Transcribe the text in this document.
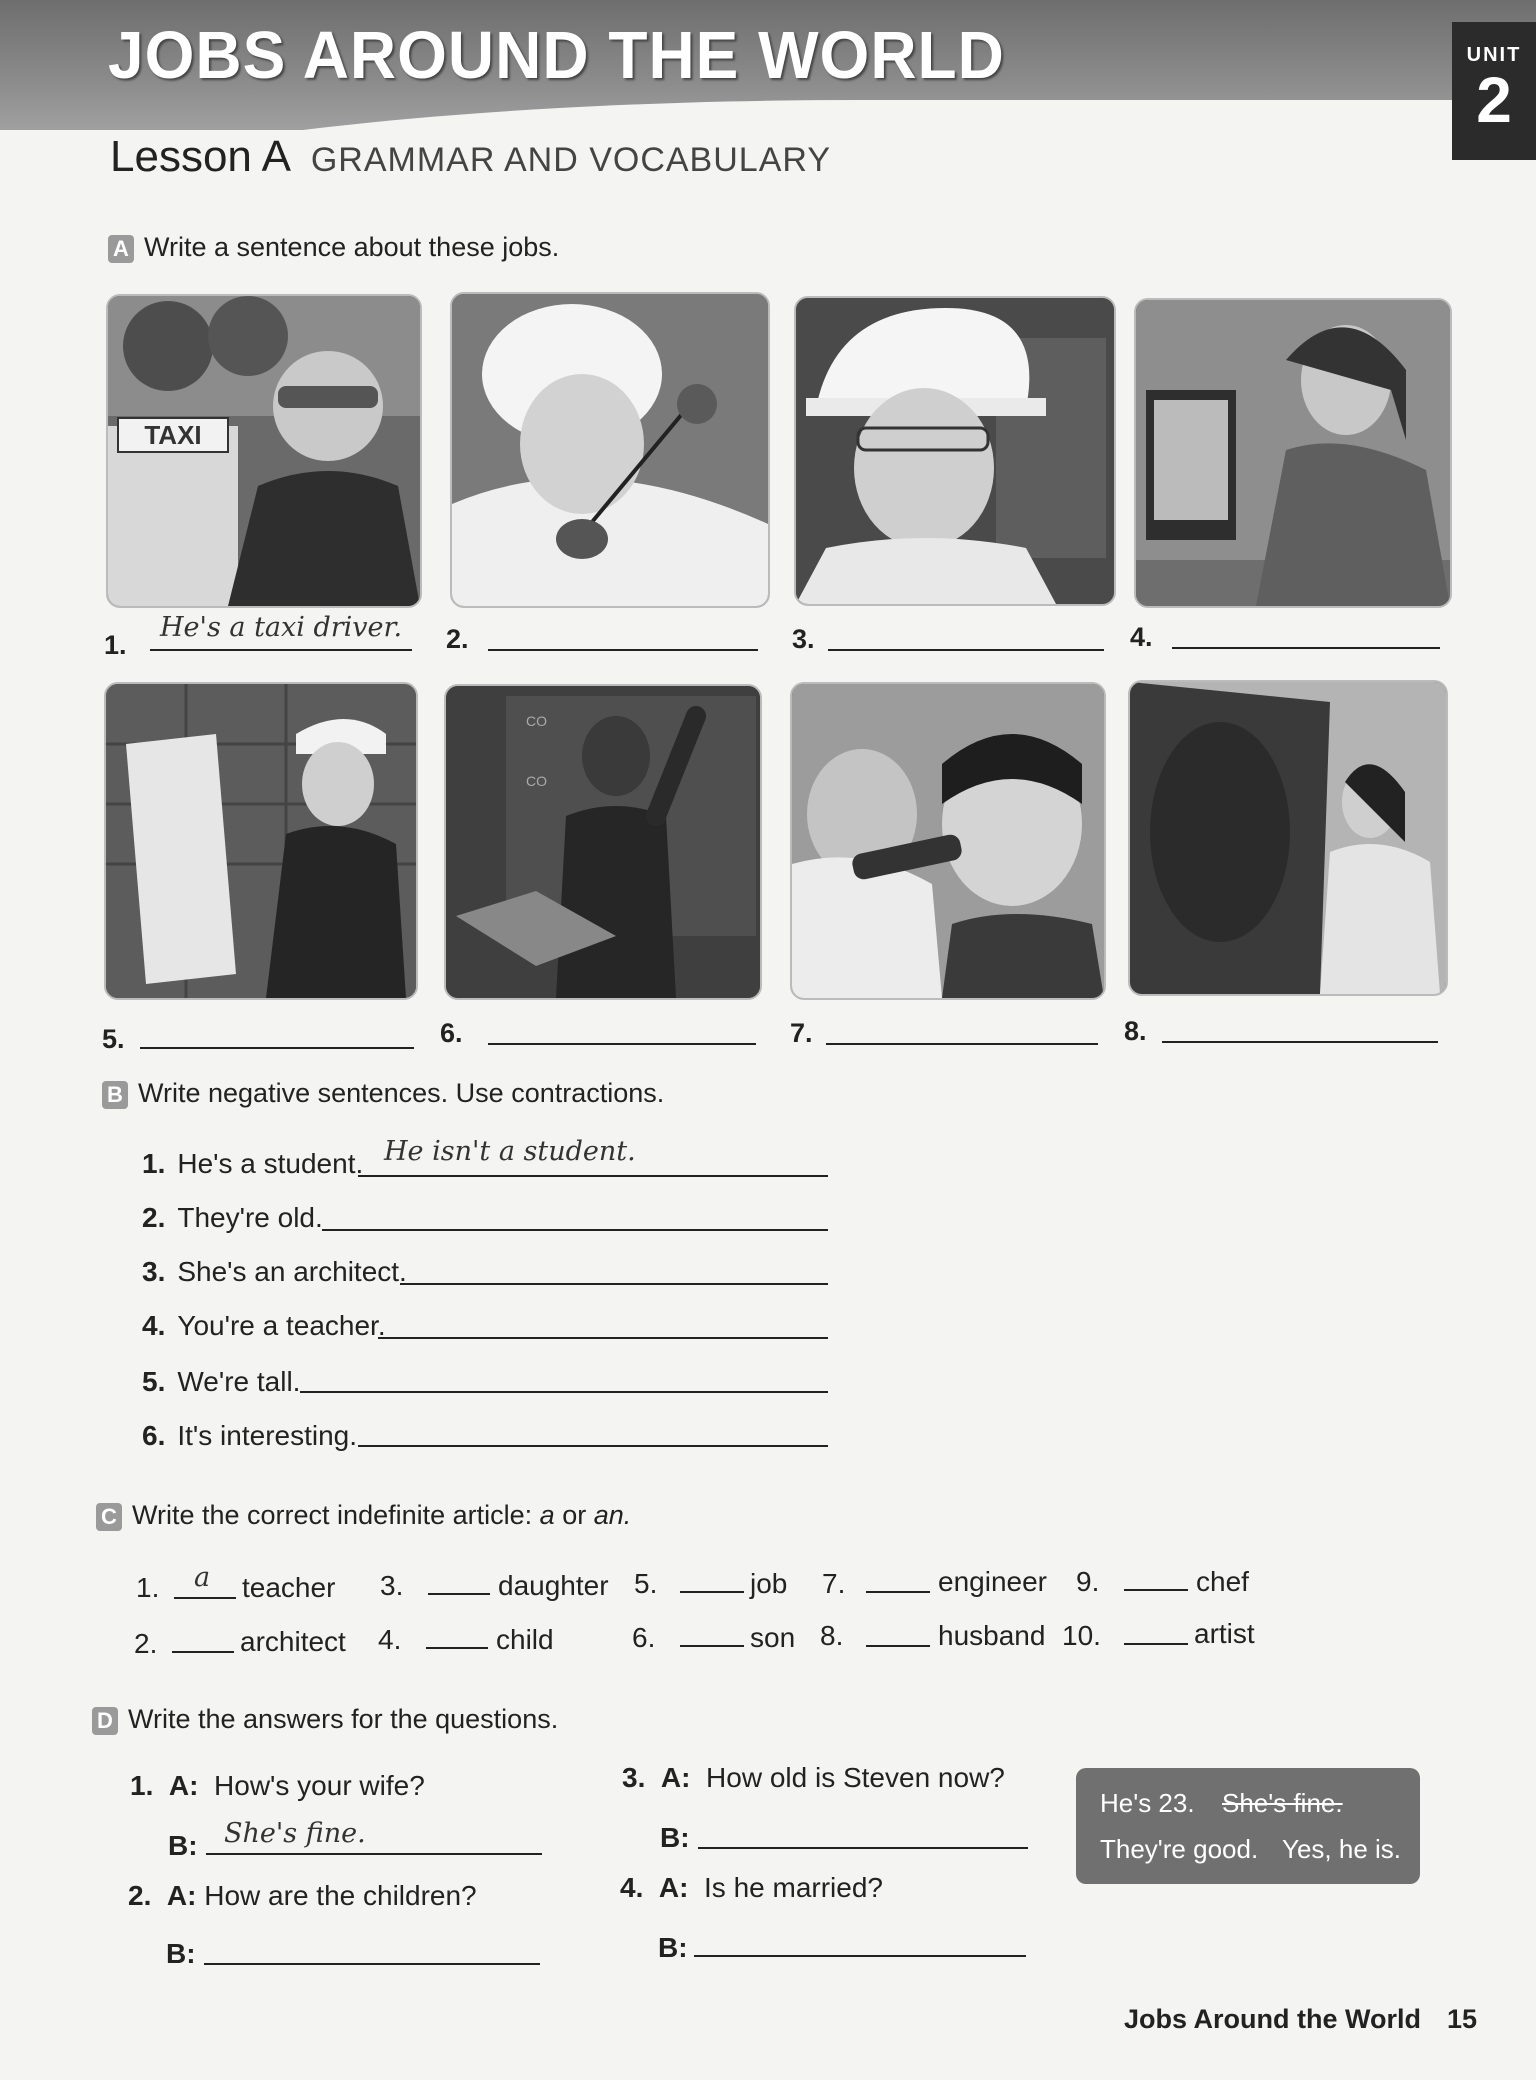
JOBS AROUND THE WORLD	UNIT
2
Lesson A GRAMMAR AND VOCABULARY
A Write a sentence about these jobs.
TAXI
1.
He's a taxi driver. 2.	3.	4.
CO
CO
5.	6.	7.	8.
B Write negative sentences. Use contractions.
1. He's a student. He isn't a student.
2. They're old.
3. She's an architect.
4. You're a teacher.
5. We're tall.
6. It's interesting.
C Write the correct indefinite article: a or an.
1. a teacher 3.	daughter 5.	job 7.	engineer 9.	chef
2.	architect 4.	child	6.	son 8.	husband 10.	artist
D Write the answers for the questions.
1. A: How's your wife?
B: She's fine.
2. A: How are the children?
B:
3. A: How old is Steven now?
B:
4. A: Is he married?
B:
He's 23. She's fine.
They're good. Yes, he is.
Jobs Around the World 15
